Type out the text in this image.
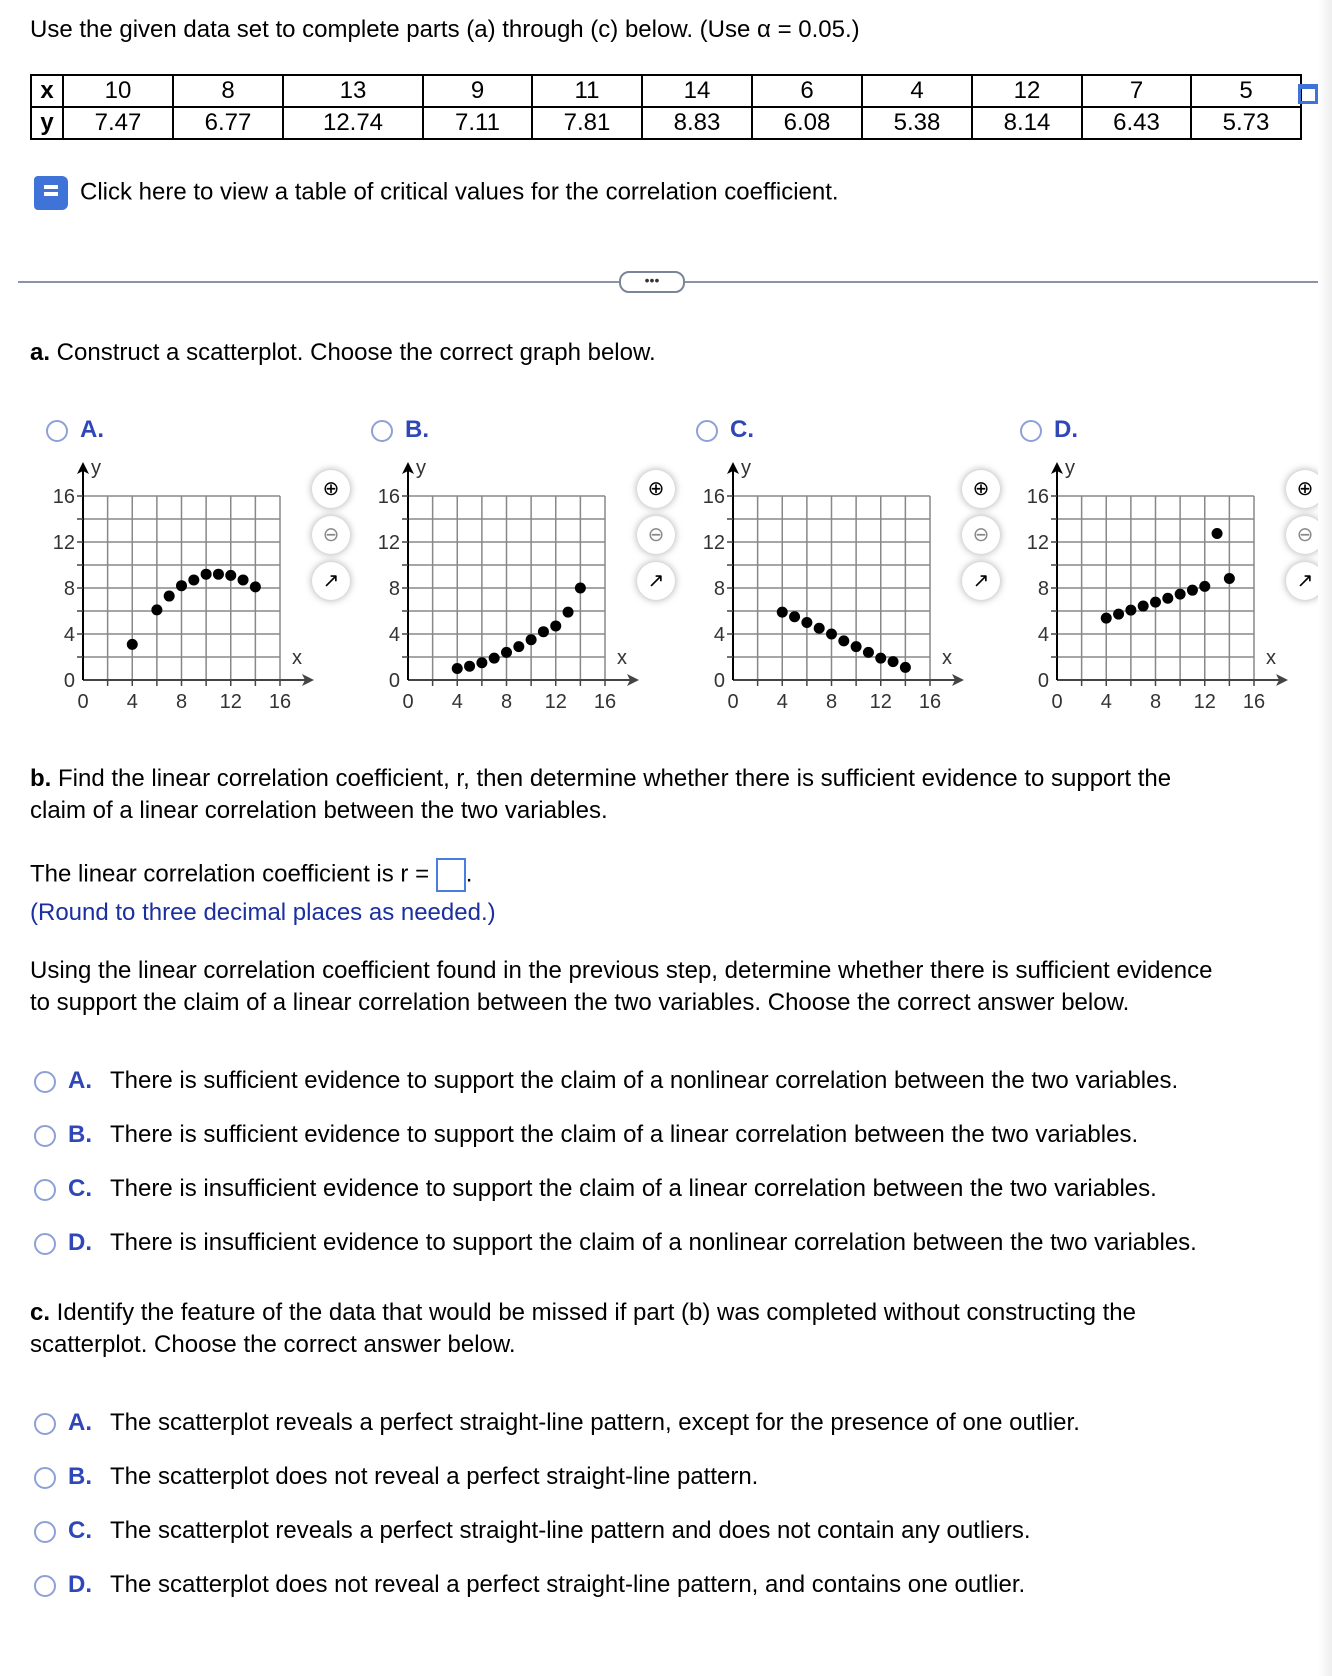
Use the given data set to complete parts (a) through (c) below. (Use α = 0.05.)
x	10	8	13	9	11	14	6	4	12	7	5
y	7.47	6.77	12.74	7.11	7.81	8.83	6.08	5.38	8.14	6.43	5.73
Click here to view a table of critical values for the correlation coefficient.
•••
a. Construct a scatterplot. Choose the correct graph below.
A.
0 4 8 12 16
0
4
8
12
16
x
y
⊕
⊖
↗
B.
0 4 8 12 16
0
4
8
12
16
x
y
⊕
⊖
↗
C.
0 4 8 12 16
0
4
8
12
16
x
y
⊕
⊖
↗
D.
0 4 8 12 16
0
4
8
12
16
x
y
⊕
⊖
↗
b. Find the linear correlation coefficient, r, then determine whether there is sufficient evidence to support the
claim of a linear correlation between the two variables.
The linear correlation coefficient is r = .
(Round to three decimal places as needed.)
Using the linear correlation coefficient found in the previous step, determine whether there is sufficient evidence
to support the claim of a linear correlation between the two variables. Choose the correct answer below.
A. There is sufficient evidence to support the claim of a nonlinear correlation between the two variables.
B. There is sufficient evidence to support the claim of a linear correlation between the two variables.
C. There is insufficient evidence to support the claim of a linear correlation between the two variables.
D. There is insufficient evidence to support the claim of a nonlinear correlation between the two variables.
c. Identify the feature of the data that would be missed if part (b) was completed without constructing the
scatterplot. Choose the correct answer below.
A. The scatterplot reveals a perfect straight-line pattern, except for the presence of one outlier.
B. The scatterplot does not reveal a perfect straight-line pattern.
C. The scatterplot reveals a perfect straight-line pattern and does not contain any outliers.
D. The scatterplot does not reveal a perfect straight-line pattern, and contains one outlier.
